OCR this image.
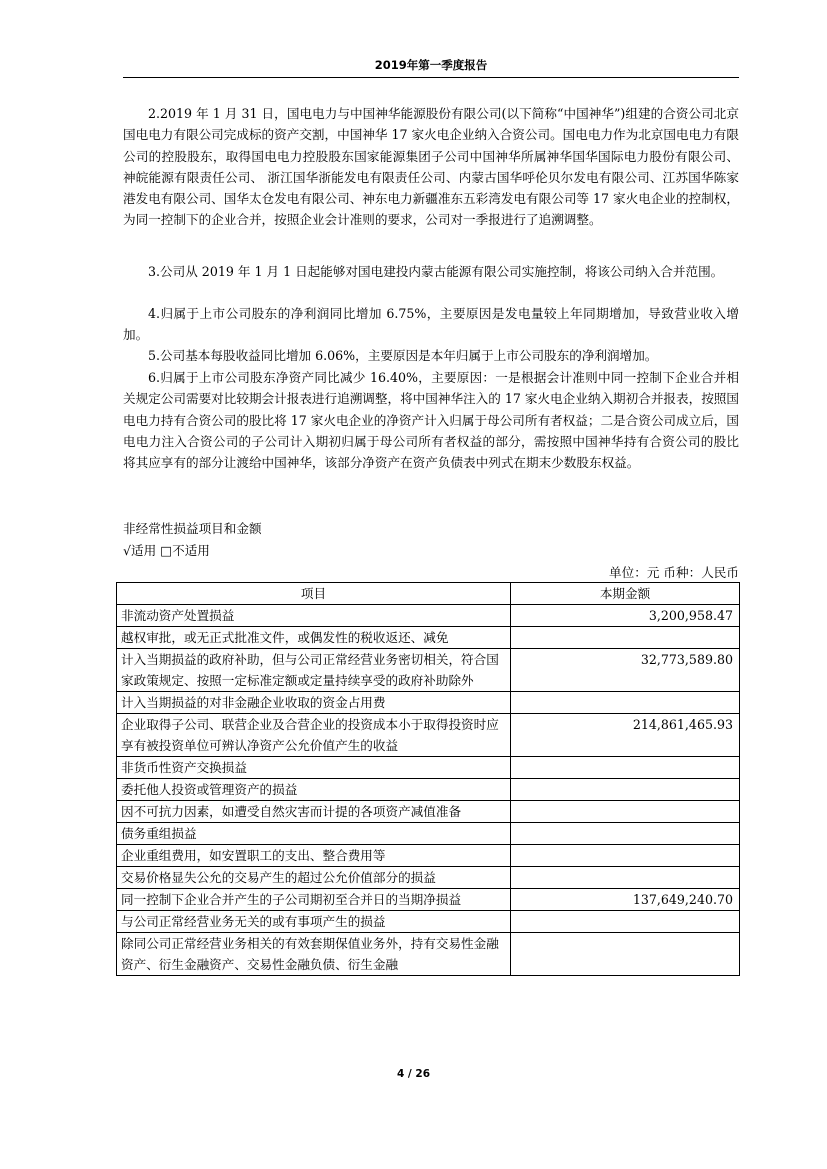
2019年第一季度报告

2.2019 年 1 月 31 日，国电电力与中国神华能源股份有限公司(以下简称“中国神华”)组建的合资公司北京国电电力有限公司完成标的资产交割，中国神华 17 家火电企业纳入合资公司。国电电力作为北京国电电力有限公司的控股股东，取得国电电力控股股东国家能源集团子公司中国神华所属神华国华国际电力股份有限公司、神皖能源有限责任公司、 浙江国华浙能发电有限责任公司、内蒙古国华呼伦贝尔发电有限公司、江苏国华陈家港发电有限公司、国华太仓发电有限公司、神东电力新疆准东五彩湾发电有限公司等 17 家火电企业的控制权，为同一控制下的企业合并，按照企业会计准则的要求，公司对一季报进行了追溯调整。

3.公司从 2019 年 1 月 1 日起能够对国电建投内蒙古能源有限公司实施控制，将该公司纳入合并范围。

4.归属于上市公司股东的净利润同比增加 6.75%，主要原因是发电量较上年同期增加，导致营业收入增加。

5.公司基本每股收益同比增加 6.06%，主要原因是本年归属于上市公司股东的净利润增加。

6.归属于上市公司股东净资产同比减少 16.40%，主要原因：一是根据会计准则中同一控制下企业合并相关规定公司需要对比较期会计报表进行追溯调整，将中国神华注入的 17 家火电企业纳入期初合并报表，按照国电电力持有合资公司的股比将 17 家火电企业的净资产计入归属于母公司所有者权益；二是合资公司成立后，国电电力注入合资公司的子公司计入期初归属于母公司所有者权益的部分，需按照中国神华持有合资公司的股比将其应享有的部分让渡给中国神华，该部分净资产在资产负债表中列式在期末少数股东权益。

非经常性损益项目和金额
√适用 □不适用
单位：元 币种：人民币
项目	本期金额
非流动资产处置损益	3,200,958.47
越权审批，或无正式批准文件，或偶发性的税收返还、减免	
计入当期损益的政府补助，但与公司正常经营业务密切相关，符合国家政策规定、按照一定标准定额或定量持续享受的政府补助除外	32,773,589.80
计入当期损益的对非金融企业收取的资金占用费	
企业取得子公司、联营企业及合营企业的投资成本小于取得投资时应享有被投资单位可辨认净资产公允价值产生的收益	214,861,465.93
非货币性资产交换损益	
委托他人投资或管理资产的损益	
因不可抗力因素，如遭受自然灾害而计提的各项资产减值准备	
债务重组损益	
企业重组费用，如安置职工的支出、整合费用等	
交易价格显失公允的交易产生的超过公允价值部分的损益	
同一控制下企业合并产生的子公司期初至合并日的当期净损益	137,649,240.70
与公司正常经营业务无关的或有事项产生的损益	
除同公司正常经营业务相关的有效套期保值业务外，持有交易性金融资产、衍生金融资产、交易性金融负债、衍生金融	
4 / 26
